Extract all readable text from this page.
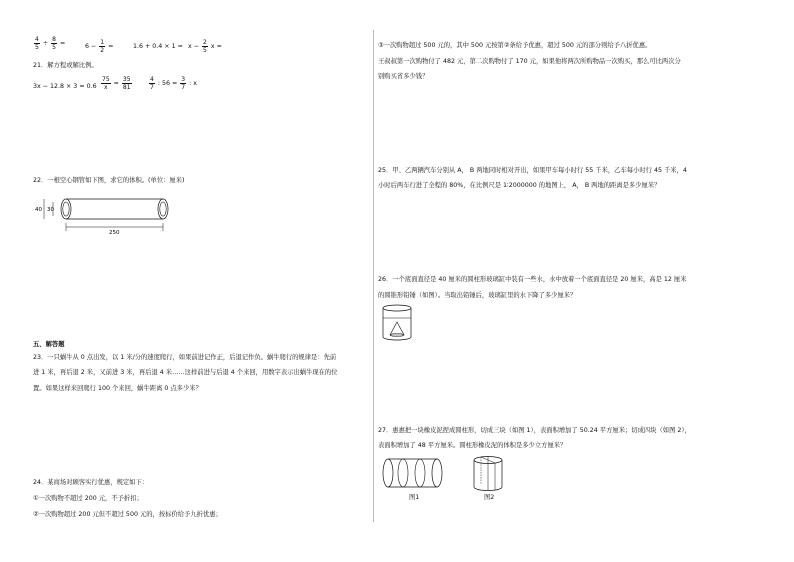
$\frac{4}{5} \div \frac{8}{5}$ =	$6 - \frac{1}{2}$ =	$1.6 + 0.4 \times 1 = x - \frac{2}{5}$ x =
21．解方程或解比例。
$3x - 12.8 \times 3 = 0.6 \frac{75}{x} = \frac{35}{81}$	$\frac{4}{7}$ : $56 = \frac{3}{7}$ : x
22．一根空心钢管如下图，求它的体积。(单位：厘米)
40 30
250
五、解答题
23．一只蜗牛从 0 点出发，以 1 米/分的速度爬行，如果前进记作正，后退记作负。蜗牛爬行的规律是：先前
进 1 米，再后退 2 米，又前进 3 米，再后退 4 米……这样前进与后退 4 个来回，用数字表示出蜗牛现在的位
置。如果这样来回爬行 100 个来回，蜗牛距离 0 点多少米？
24．某商场对顾客实行优惠，规定如下：
①一次购物不超过 200 元，不予折扣；
②一次购物超过 200 元但不超过 500 元的，按标价给予九折优惠；
③一次购物超过 500 元的，其中 500 元按第②条给予优惠，超过 500 元的部分则给予八折优惠。
王叔叔第一次购物付了 482 元，第二次购物付了 170 元，如果他将两次所购物品一次购买，那么可比两次分
别购买省多少钱？
25．甲、乙两辆汽车分别从 A， B 两地同时相对开出，如果甲车每小时行 55 千米，乙车每小时行 45 千米，4
小时后两车行进了全程的 80%，在比例尺是 1∶2000000 的地图上， A， B 两地的距离是多少厘米？
26．一个底面直径是 40 厘米的圆柱形玻璃缸中装有一些水，水中放着一个底面直径是 20 厘米，高是 12 厘米
的圆锥形铅锤（如图）。当取出铅锤后，玻璃缸里的水下降了多少厘米？
27．惠惠把一块橡皮泥捏成圆柱形，切成三块（如图 1），表面积增加了 50.24 平方厘米；切成四块（如图 2），
表面积增加了 48 平方厘米。圆柱形橡皮泥的体积是多少立方厘米？
图1	图2
